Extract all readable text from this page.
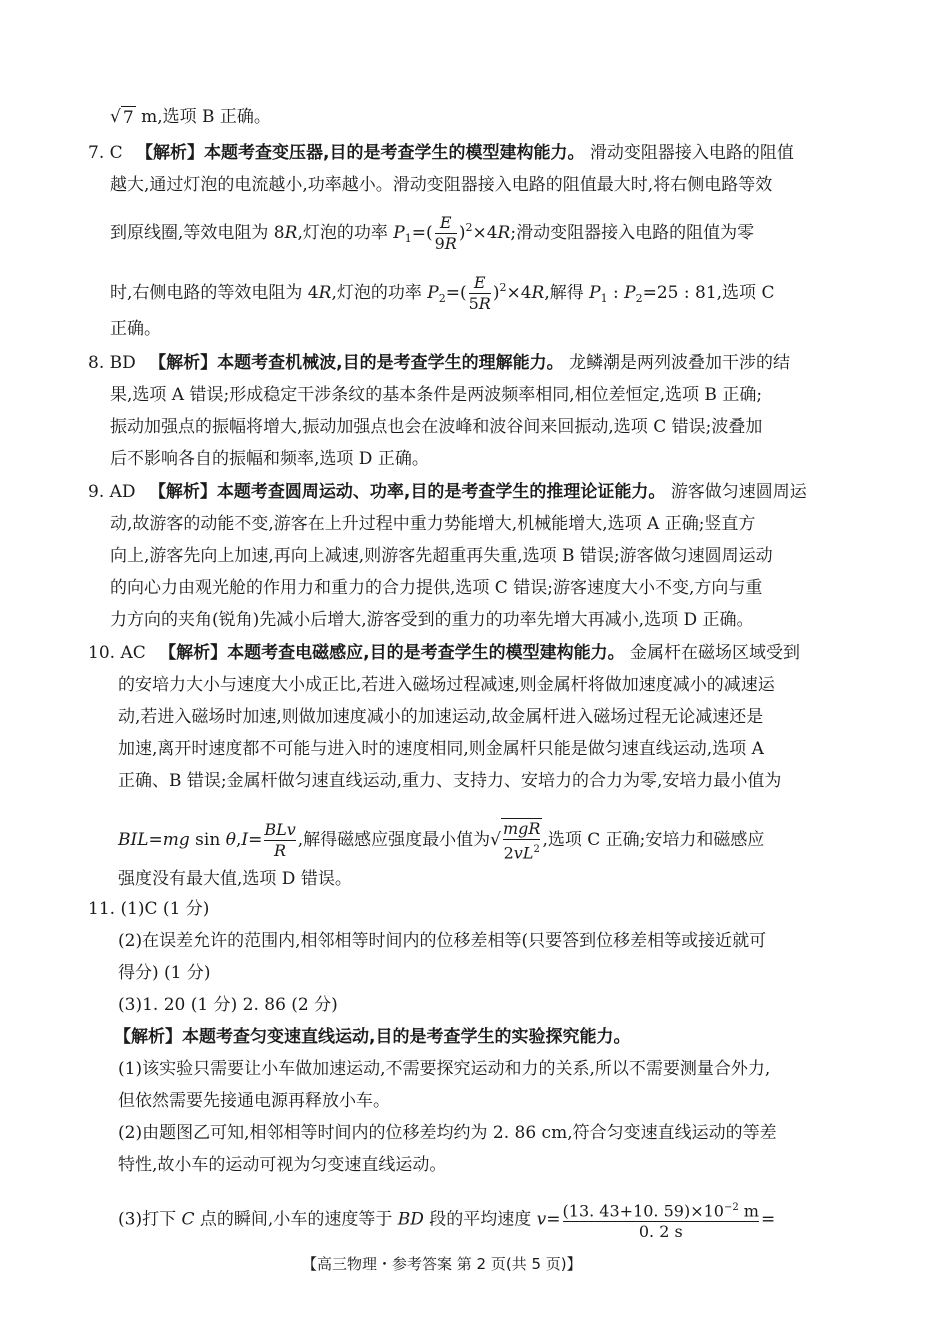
√ 7 m,选项 B 正确。
7. C 【解析】本题考查变压器,目的是考查学生的模型建构能力。 滑动变阻器接入电路的阻值
越大,通过灯泡的电流越小,功率越小。滑动变阻器接入电路的阻值最大时,将右侧电路等效
到原线圈,等效电阻为 8R,灯泡的功率 $P_1=( \frac{E}{9R} )^2\times 4R$;滑动变阻器接入电路的阻值为零
时,右侧电路的等效电阻为 4R,灯泡的功率 $P_2=( \frac{E}{5R} )^2\times 4R$,解得 $P_1$ : $P_2=25$ : 81,选项 C
正确。
8. BD 【解析】本题考查机械波,目的是考查学生的理解能力。 龙鳞潮是两列波叠加干涉的结
果,选项 A 错误;形成稳定干涉条纹的基本条件是两波频率相同,相位差恒定,选项 B 正确;
振动加强点的振幅将增大,振动加强点也会在波峰和波谷间来回振动,选项 C 错误;波叠加
后不影响各自的振幅和频率,选项 D 正确。
9. AD 【解析】本题考查圆周运动、功率,目的是考查学生的推理论证能力。 游客做匀速圆周运
动,故游客的动能不变,游客在上升过程中重力势能增大,机械能增大,选项 A 正确;竖直方
向上,游客先向上加速,再向上减速,则游客先超重再失重,选项 B 错误;游客做匀速圆周运动
的向心力由观光舱的作用力和重力的合力提供,选项 C 错误;游客速度大小不变,方向与重
力方向的夹角(锐角)先减小后增大,游客受到的重力的功率先增大再减小,选项 D 正确。
10. AC 【解析】本题考查电磁感应,目的是考查学生的模型建构能力。 金属杆在磁场区域受到
的安培力大小与速度大小成正比,若进入磁场过程减速,则金属杆将做加速度减小的减速运
动,若进入磁场时加速,则做加速度减小的加速运动,故金属杆进入磁场过程无论减速还是
加速,离开时速度都不可能与进入时的速度相同,则金属杆只能是做匀速直线运动,选项 A
正确、B 错误;金属杆做匀速直线运动,重力、支持力、安培力的合力为零,安培力最小值为
BIL=mg $\sin \theta,I= \frac{\text{BLv}}{R}$ ,解得磁感应强度最小值为√ $\frac{\text{mgR}}{2vL^2}$ ,选项 C 正确;安培力和磁感应
强度没有最大值,选项 D 错误。
11. (1)C (1 分)
(2)在误差允许的范围内,相邻相等时间内的位移差相等(只要答到位移差相等或接近就可
得分) (1 分)
(3)1. 20 (1 分) 2. 86 (2 分)
【解析】本题考查匀变速直线运动,目的是考查学生的实验探究能力。
(1)该实验只需要让小车做加速运动,不需要探究运动和力的关系,所以不需要测量合外力,
但依然需要先接通电源再释放小车。
(2)由题图乙可知,相邻相等时间内的位移差均约为 2. 86 cm,符合匀变速直线运动的等差
特性,故小车的运动可视为匀变速直线运动。
(3)打下 C 点的瞬间,小车的速度等于 BD 段的平均速度 $v= \frac{(13. 43+10. 59)\times 10^{-2} m}{0. 2 s}$ =
【高三物理・参考答案 第 2 页(共 5 页)】
